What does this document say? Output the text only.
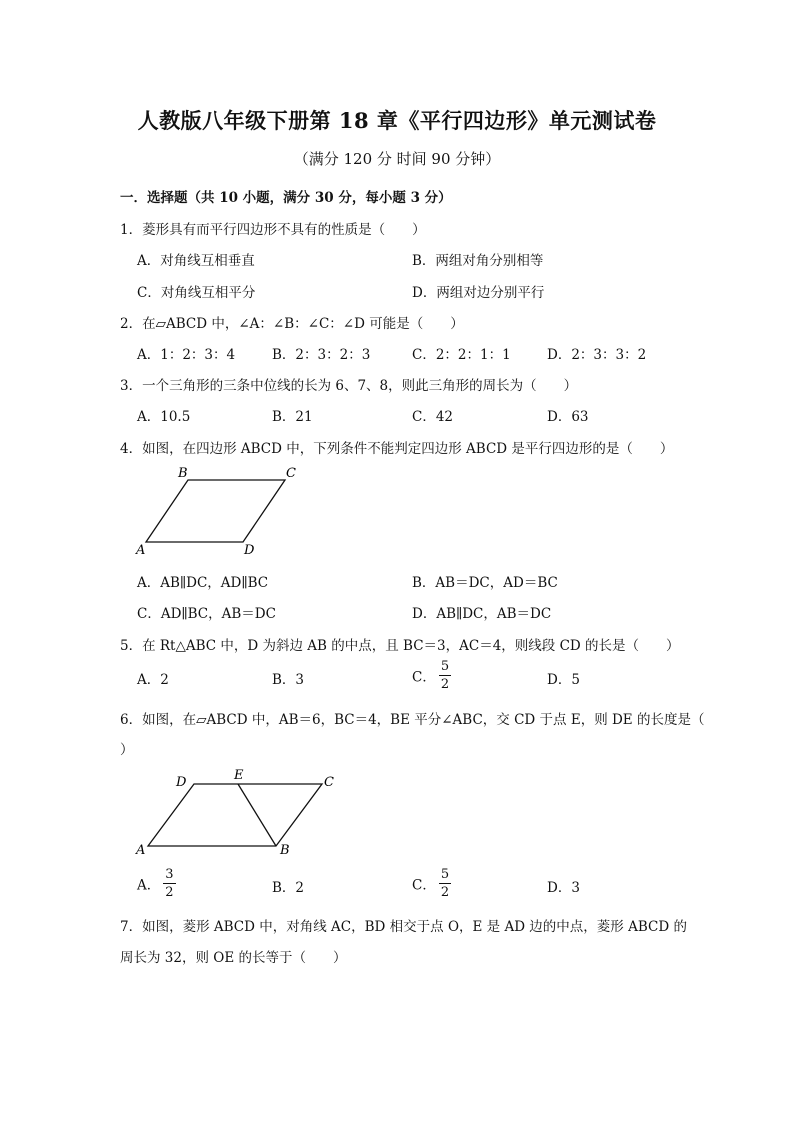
人教版八年级下册第 18 章《平行四边形》单元测试卷
（满分 120 分 时间 90 分钟）
一．选择题（共 10 小题，满分 30 分，每小题 3 分）
1．菱形具有而平行四边形不具有的性质是（　　）
A．对角线互相垂直	B．两组对角分别相等
C．对角线互相平分	D．两组对边分别平行
2．在▱ABCD 中，∠A：∠B：∠C：∠D 可能是（　　）
A．1：2：3：4	B．2：3：2：3	C．2：2：1：1	D．2：3：3：2
3．一个三角形的三条中位线的长为 6、7、8，则此三角形的周长为（　　）
A．10.5	B．21	C．42	D．63
4．如图，在四边形 ABCD 中，下列条件不能判定四边形 ABCD 是平行四边形的是（　　）
B	C
A	D
A．AB∥DC，AD∥BC	B．AB＝DC，AD＝BC
C．AD∥BC，AB＝DC	D．AB∥DC，AB＝DC
5．在 Rt△ABC 中，D 为斜边 AB 的中点，且 BC＝3，AC＝4，则线段 CD 的长是（　　）
A．2	B．3	C． $\frac{5}{2}$	D．5
6．如图，在▱ABCD 中，AB＝6，BC＝4，BE 平分∠ABC，交 CD 于点 E，则 DE 的长度是（
）
D	E	C
A	B
A． $\frac{3}{2}$	B．2	C． $\frac{5}{2}$	D．3
7．如图，菱形 ABCD 中，对角线 AC，BD 相交于点 O，E 是 AD 边的中点，菱形 ABCD 的
周长为 32，则 OE 的长等于（　　）
